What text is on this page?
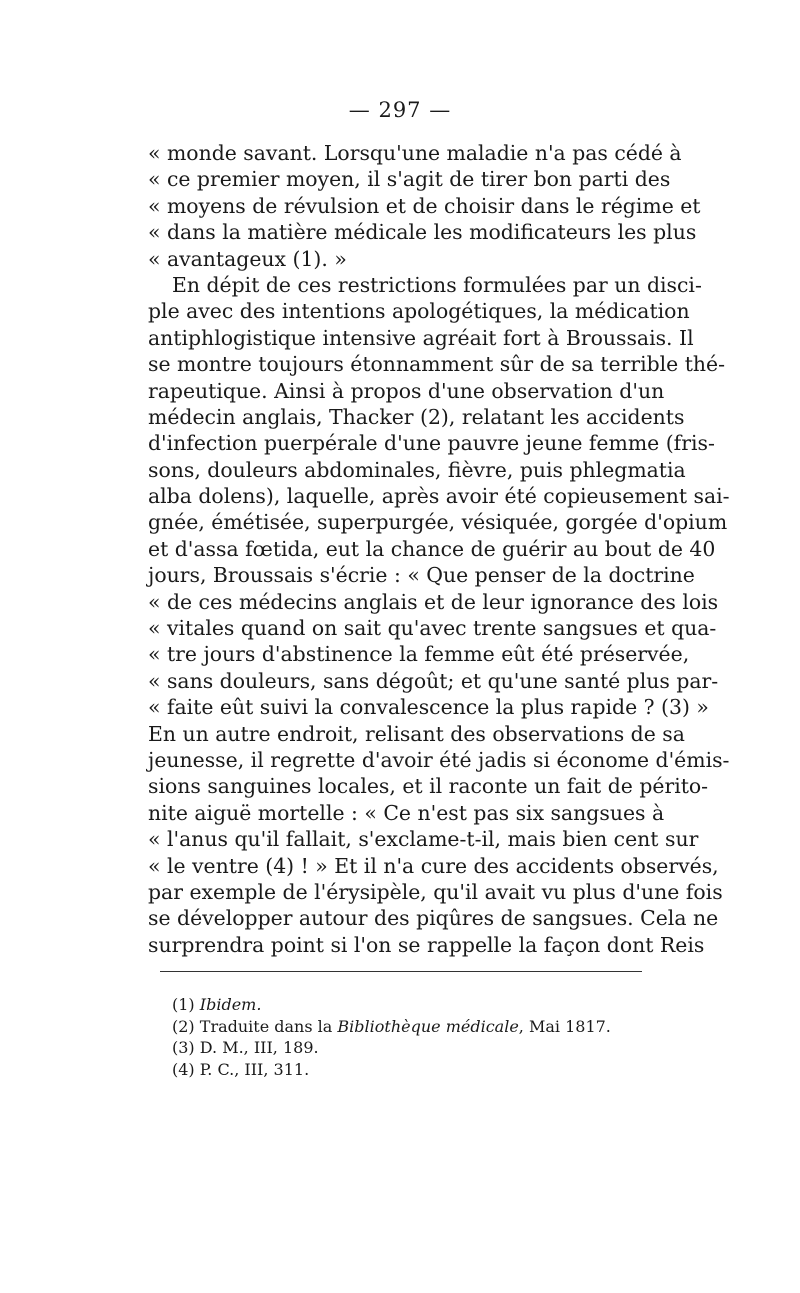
— 297 —
« monde savant. Lorsqu'une maladie n'a pas cédé à
« ce premier moyen, il s'agit de tirer bon parti des
« moyens de révulsion et de choisir dans le régime et
« dans la matière médicale les modificateurs les plus
« avantageux (1). »
En dépit de ces restrictions formulées par un disci-
ple avec des intentions apologétiques, la médication
antiphlogistique intensive agréait fort à Broussais. Il
se montre toujours étonnamment sûr de sa terrible thé-
rapeutique. Ainsi à propos d'une observation d'un
médecin anglais, Thacker (2), relatant les accidents
d'infection puerpérale d'une pauvre jeune femme (fris-
sons, douleurs abdominales, fièvre, puis phlegmatia
alba dolens), laquelle, après avoir été copieusement sai-
gnée, émétisée, superpurgée, vésiquée, gorgée d'opium
et d'assa fœtida, eut la chance de guérir au bout de 40
jours, Broussais s'écrie : « Que penser de la doctrine
« de ces médecins anglais et de leur ignorance des lois
« vitales quand on sait qu'avec trente sangsues et qua-
« tre jours d'abstinence la femme eût été préservée,
« sans douleurs, sans dégoût; et qu'une santé plus par-
« faite eût suivi la convalescence la plus rapide ? (3) »
En un autre endroit, relisant des observations de sa
jeunesse, il regrette d'avoir été jadis si économe d'émis-
sions sanguines locales, et il raconte un fait de périto-
nite aiguë mortelle : « Ce n'est pas six sangsues à
« l'anus qu'il fallait, s'exclame-t-il, mais bien cent sur
« le ventre (4) ! » Et il n'a cure des accidents observés,
par exemple de l'érysipèle, qu'il avait vu plus d'une fois
se développer autour des piqûres de sangsues. Cela ne
surprendra point si l'on se rappelle la façon dont Reis
(1) Ibidem.
(2) Traduite dans la Bibliothèque médicale, Mai 1817.
(3) D. M., III, 189.
(4) P. C., III, 311.
